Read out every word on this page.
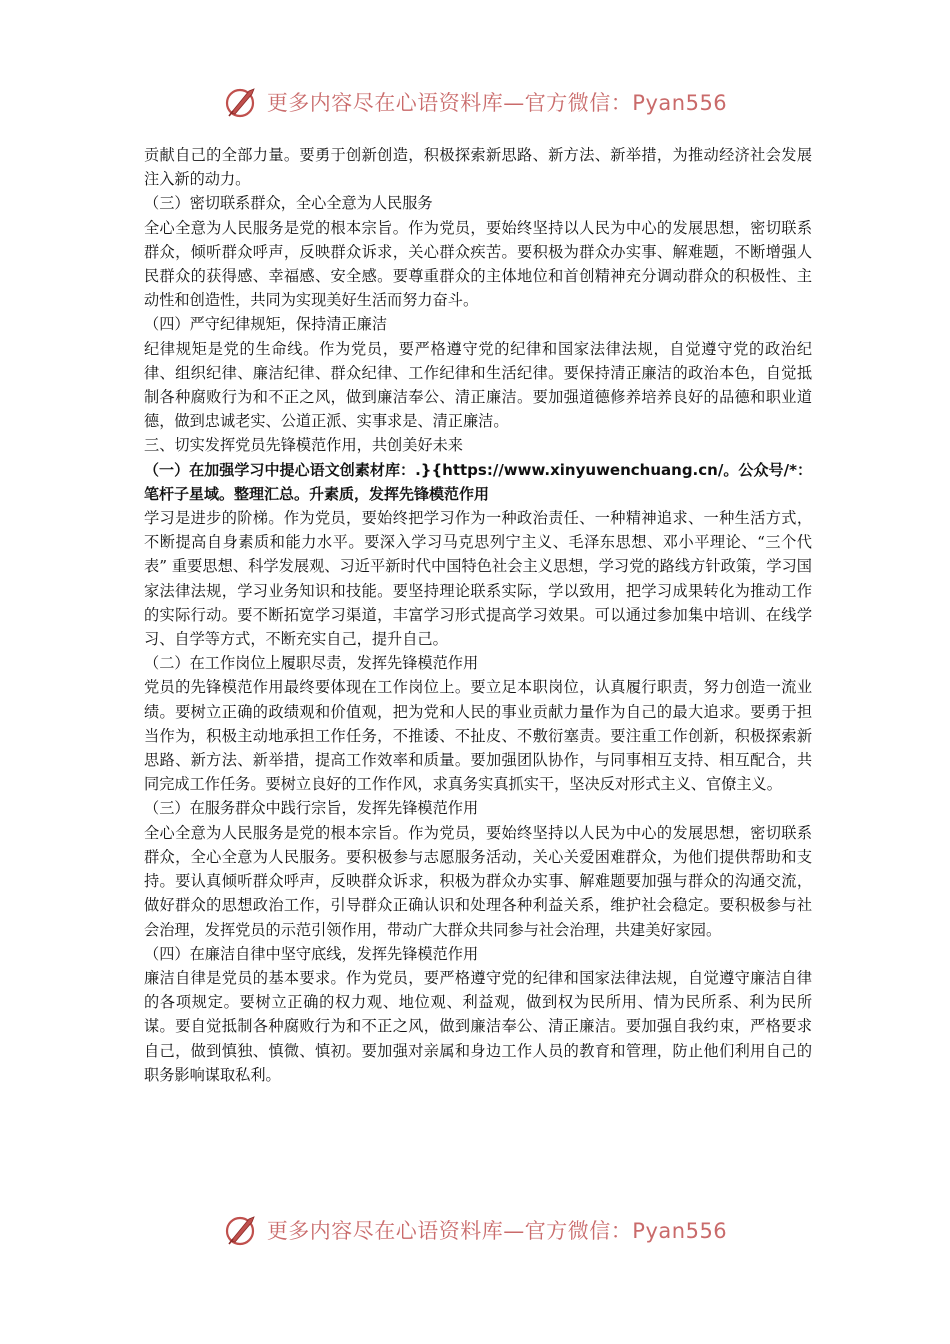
更多内容尽在心语资料库—官方微信：Pyan556

贡献自己的全部力量。要勇于创新创造，积极探索新思路、新方法、新举措，为推动经济社会发展注入新的动力。

（三）密切联系群众，全心全意为人民服务

全心全意为人民服务是党的根本宗旨。作为党员，要始终坚持以人民为中心的发展思想，密切联系群众，倾听群众呼声，反映群众诉求，关心群众疾苦。要积极为群众办实事、解难题，不断增强人民群众的获得感、幸福感、安全感。要尊重群众的主体地位和首创精神充分调动群众的积极性、主动性和创造性，共同为实现美好生活而努力奋斗。

（四）严守纪律规矩，保持清正廉洁

纪律规矩是党的生命线。作为党员，要严格遵守党的纪律和国家法律法规，自觉遵守党的政治纪律、组织纪律、廉洁纪律、群众纪律、工作纪律和生活纪律。要保持清正廉洁的政治本色，自觉抵制各种腐败行为和不正之风，做到廉洁奉公、清正廉洁。要加强道德修养培养良好的品德和职业道德，做到忠诚老实、公道正派、实事求是、清正廉洁。

三、切实发挥党员先锋模范作用，共创美好未来

（一）在加强学习中提心语文创素材库：.}{https://www.xinyuwenchuang.cn/。公众号/*：笔杆子星域。整理汇总。升素质，发挥先锋模范作用

学习是进步的阶梯。作为党员，要始终把学习作为一种政治责任、一种精神追求、一种生活方式，不断提高自身素质和能力水平。要深入学习马克思列宁主义、毛泽东思想、邓小平理论、“三个代表” 重要思想、科学发展观、习近平新时代中国特色社会主义思想，学习党的路线方针政策，学习国家法律法规，学习业务知识和技能。要坚持理论联系实际，学以致用，把学习成果转化为推动工作的实际行动。要不断拓宽学习渠道，丰富学习形式提高学习效果。可以通过参加集中培训、在线学习、自学等方式，不断充实自己，提升自己。

（二）在工作岗位上履职尽责，发挥先锋模范作用

党员的先锋模范作用最终要体现在工作岗位上。要立足本职岗位，认真履行职责，努力创造一流业绩。要树立正确的政绩观和价值观，把为党和人民的事业贡献力量作为自己的最大追求。要勇于担当作为，积极主动地承担工作任务，不推诿、不扯皮、不敷衍塞责。要注重工作创新，积极探索新思路、新方法、新举措，提高工作效率和质量。要加强团队协作，与同事相互支持、相互配合，共同完成工作任务。要树立良好的工作作风，求真务实真抓实干，坚决反对形式主义、官僚主义。

（三）在服务群众中践行宗旨，发挥先锋模范作用

全心全意为人民服务是党的根本宗旨。作为党员，要始终坚持以人民为中心的发展思想，密切联系群众，全心全意为人民服务。要积极参与志愿服务活动，关心关爱困难群众，为他们提供帮助和支持。要认真倾听群众呼声，反映群众诉求，积极为群众办实事、解难题要加强与群众的沟通交流，做好群众的思想政治工作，引导群众正确认识和处理各种利益关系，维护社会稳定。要积极参与社会治理，发挥党员的示范引领作用，带动广大群众共同参与社会治理，共建美好家园。

（四）在廉洁自律中坚守底线，发挥先锋模范作用

廉洁自律是党员的基本要求。作为党员，要严格遵守党的纪律和国家法律法规，自觉遵守廉洁自律的各项规定。要树立正确的权力观、地位观、利益观，做到权为民所用、情为民所系、利为民所谋。要自觉抵制各种腐败行为和不正之风，做到廉洁奉公、清正廉洁。要加强自我约束，严格要求自己，做到慎独、慎微、慎初。要加强对亲属和身边工作人员的教育和管理，防止他们利用自己的职务影响谋取私利。

更多内容尽在心语资料库—官方微信：Pyan556
